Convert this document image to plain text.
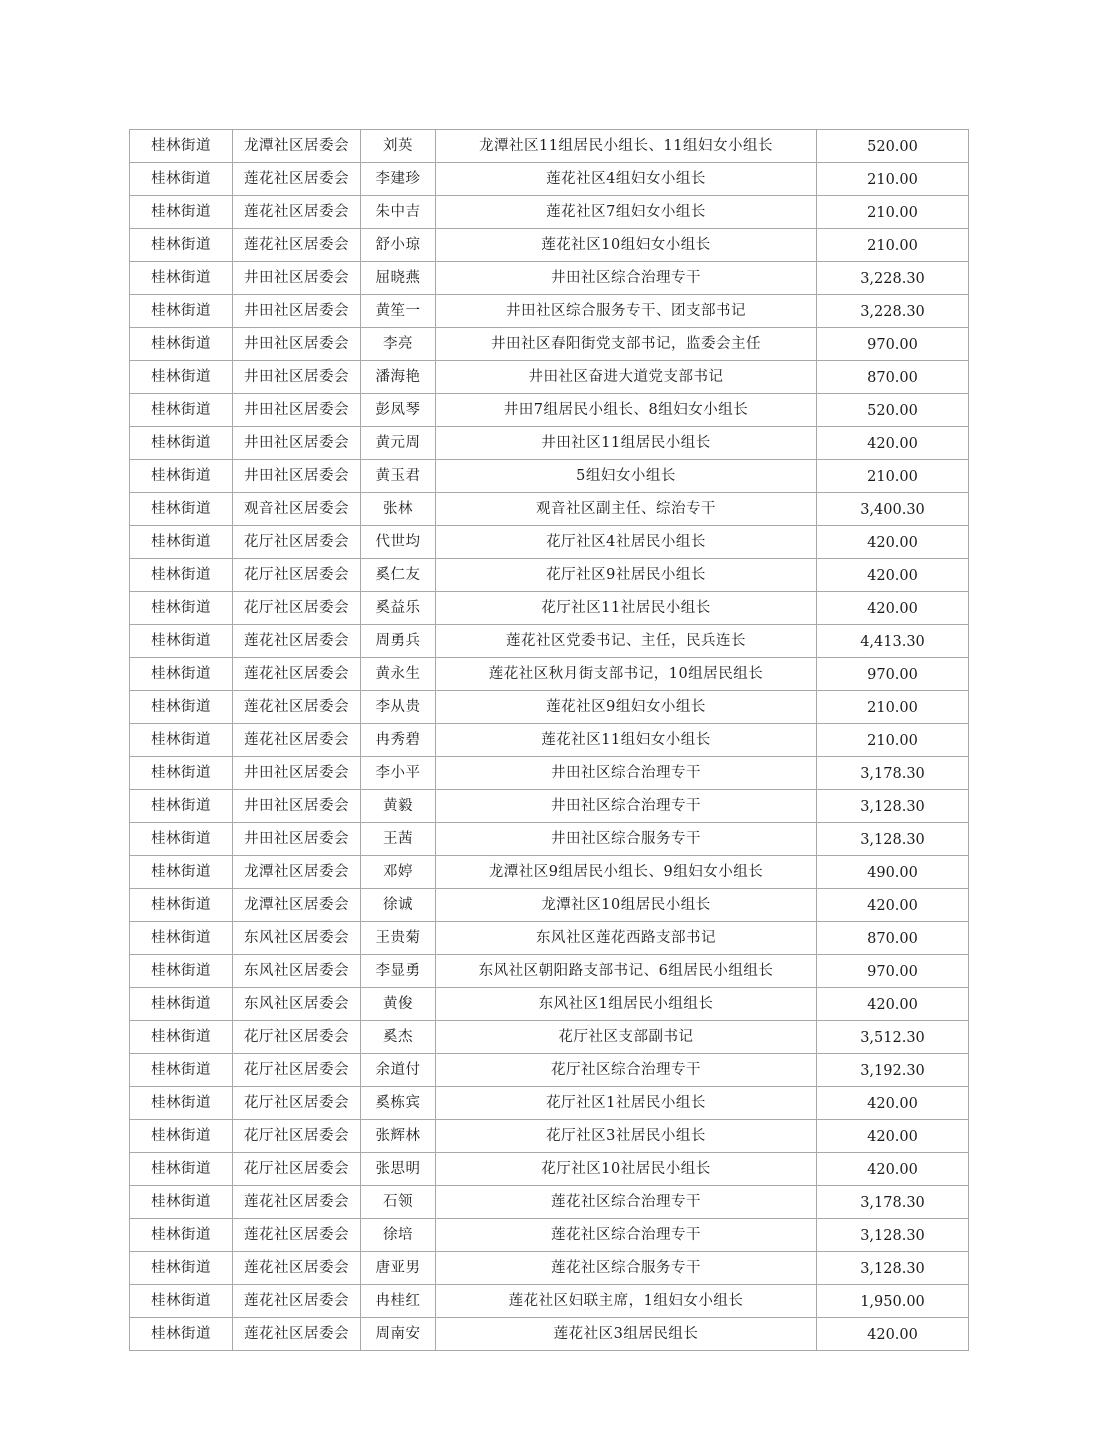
桂林街道	龙潭社区居委会	刘英	龙潭社区11组居民小组长、11组妇女小组长	520.00
桂林街道	莲花社区居委会	李建珍	莲花社区4组妇女小组长	210.00
桂林街道	莲花社区居委会	朱中吉	莲花社区7组妇女小组长	210.00
桂林街道	莲花社区居委会	舒小琼	莲花社区10组妇女小组长	210.00
桂林街道	井田社区居委会	屈晓燕	井田社区综合治理专干	3,228.30
桂林街道	井田社区居委会	黄笙一	井田社区综合服务专干、团支部书记	3,228.30
桂林街道	井田社区居委会	李亮	井田社区春阳街党支部书记，监委会主任	970.00
桂林街道	井田社区居委会	潘海艳	井田社区奋进大道党支部书记	870.00
桂林街道	井田社区居委会	彭凤琴	井田7组居民小组长、8组妇女小组长	520.00
桂林街道	井田社区居委会	黄元周	井田社区11组居民小组长	420.00
桂林街道	井田社区居委会	黄玉君	5组妇女小组长	210.00
桂林街道	观音社区居委会	张林	观音社区副主任、综治专干	3,400.30
桂林街道	花厅社区居委会	代世均	花厅社区4社居民小组长	420.00
桂林街道	花厅社区居委会	奚仁友	花厅社区9社居民小组长	420.00
桂林街道	花厅社区居委会	奚益乐	花厅社区11社居民小组长	420.00
桂林街道	莲花社区居委会	周勇兵	莲花社区党委书记、主任，民兵连长	4,413.30
桂林街道	莲花社区居委会	黄永生	莲花社区秋月街支部书记，10组居民组长	970.00
桂林街道	莲花社区居委会	李从贵	莲花社区9组妇女小组长	210.00
桂林街道	莲花社区居委会	冉秀碧	莲花社区11组妇女小组长	210.00
桂林街道	井田社区居委会	李小平	井田社区综合治理专干	3,178.30
桂林街道	井田社区居委会	黄毅	井田社区综合治理专干	3,128.30
桂林街道	井田社区居委会	王茜	井田社区综合服务专干	3,128.30
桂林街道	龙潭社区居委会	邓婷	龙潭社区9组居民小组长、9组妇女小组长	490.00
桂林街道	龙潭社区居委会	徐诚	龙潭社区10组居民小组长	420.00
桂林街道	东风社区居委会	王贵菊	东风社区莲花西路支部书记	870.00
桂林街道	东风社区居委会	李显勇	东风社区朝阳路支部书记、6组居民小组组长	970.00
桂林街道	东风社区居委会	黄俊	东风社区1组居民小组组长	420.00
桂林街道	花厅社区居委会	奚杰	花厅社区支部副书记	3,512.30
桂林街道	花厅社区居委会	余道付	花厅社区综合治理专干	3,192.30
桂林街道	花厅社区居委会	奚栋宾	花厅社区1社居民小组长	420.00
桂林街道	花厅社区居委会	张辉林	花厅社区3社居民小组长	420.00
桂林街道	花厅社区居委会	张思明	花厅社区10社居民小组长	420.00
桂林街道	莲花社区居委会	石领	莲花社区综合治理专干	3,178.30
桂林街道	莲花社区居委会	徐培	莲花社区综合治理专干	3,128.30
桂林街道	莲花社区居委会	唐亚男	莲花社区综合服务专干	3,128.30
桂林街道	莲花社区居委会	冉桂红	莲花社区妇联主席，1组妇女小组长	1,950.00
桂林街道	莲花社区居委会	周南安	莲花社区3组居民组长	420.00
